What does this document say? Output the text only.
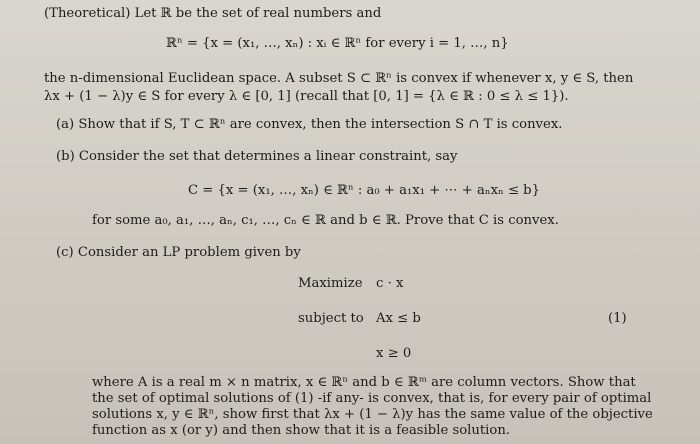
(Theoretical) Let ℝ be the set of real numbers and
ℝⁿ = {x = (x₁, …, xₙ) : xᵢ ∈ ℝⁿ for every i = 1, …, n}
the n-dimensional Euclidean space. A subset S ⊂ ℝⁿ is convex if whenever x, y ∈ S, then
λx + (1 − λ)y ∈ S for every λ ∈ [0, 1] (recall that [0, 1] = {λ ∈ ℝ : 0 ≤ λ ≤ 1}).
(a) Show that if S, T ⊂ ℝⁿ are convex, then the intersection S ∩ T is convex.
(b) Consider the set that determines a linear constraint, say
C = {x = (x₁, …, xₙ) ∈ ℝⁿ : a₀ + a₁x₁ + ⋯ + aₙxₙ ≤ b}
for some a₀, a₁, …, aₙ, c₁, …, cₙ ∈ ℝ and b ∈ ℝ. Prove that C is convex.
(c) Consider an LP problem given by
Maximize c · x
subject to Ax ≤ b	(1)
x ≥ 0
where A is a real m × n matrix, x ∈ ℝⁿ and b ∈ ℝᵐ are column vectors. Show that
the set of optimal solutions of (1) -if any- is convex, that is, for every pair of optimal
solutions x, y ∈ ℝⁿ, show first that λx + (1 − λ)y has the same value of the objective
function as x (or y) and then show that it is a feasible solution.
